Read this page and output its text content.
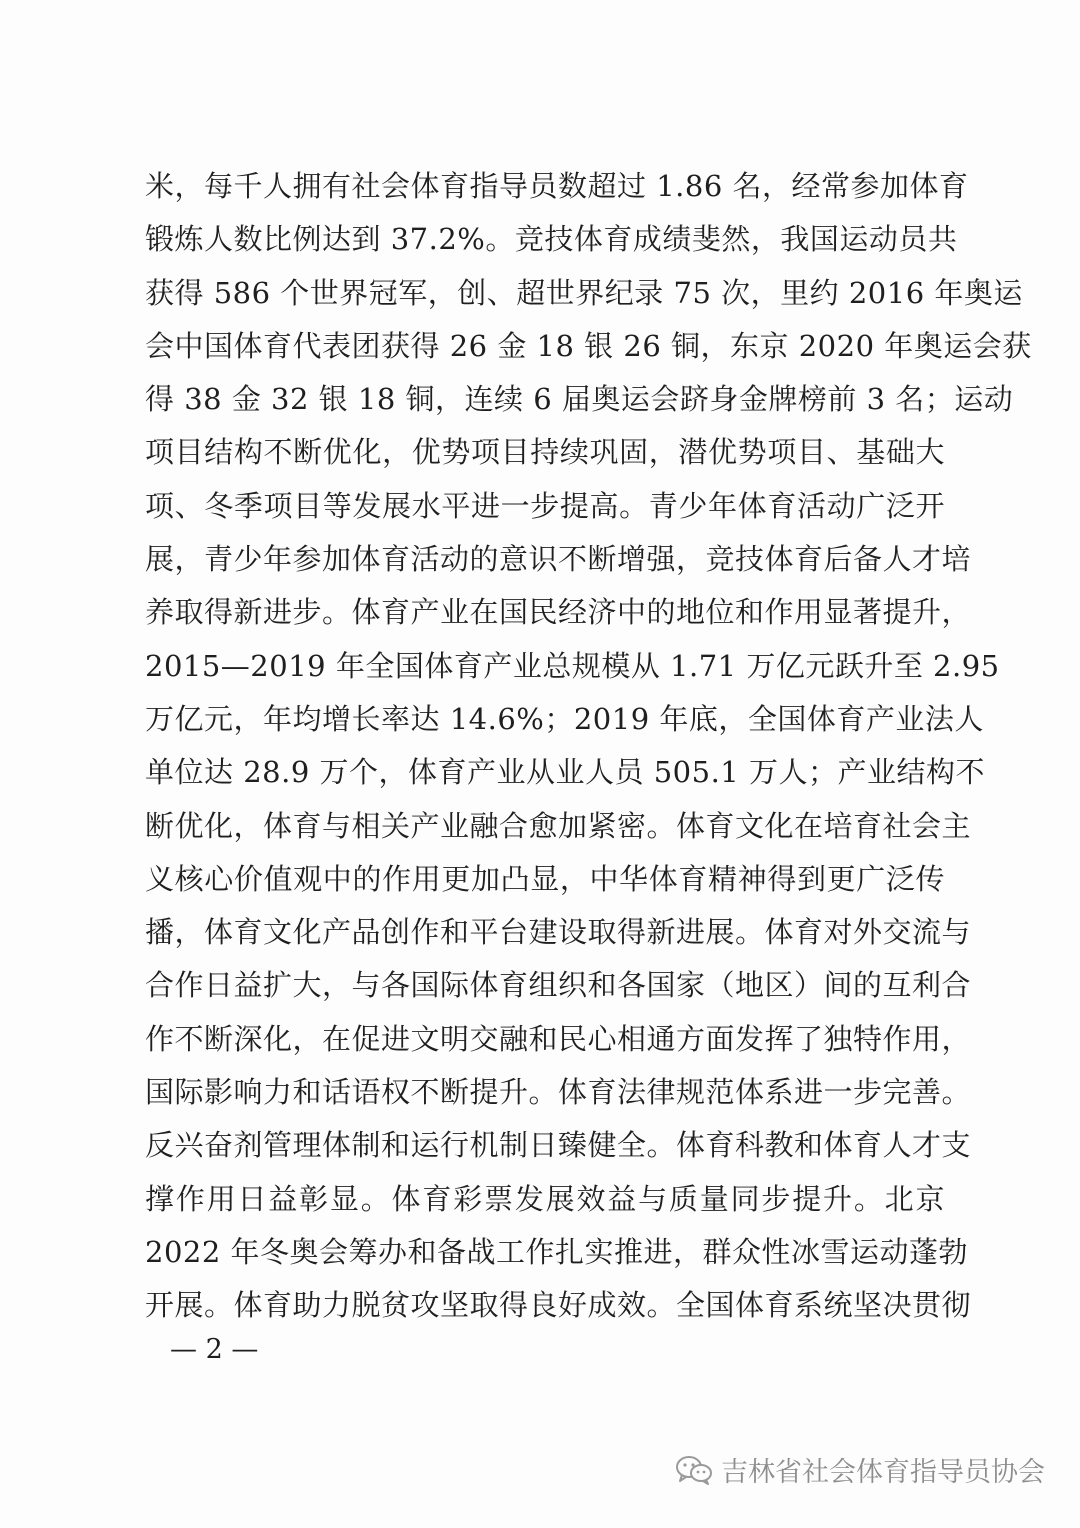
米，每千人拥有社会体育指导员数超过 1.86 名，经常参加体育
锻炼人数比例达到 37.2%。竞技体育成绩斐然，我国运动员共
获得 586 个世界冠军，创、超世界纪录 75 次，里约 2016 年奥运
会中国体育代表团获得 26 金 18 银 26 铜，东京 2020 年奥运会获
得 38 金 32 银 18 铜，连续 6 届奥运会跻身金牌榜前 3 名；运动
项目结构不断优化，优势项目持续巩固，潜优势项目、基础大
项、冬季项目等发展水平进一步提高。青少年体育活动广泛开
展，青少年参加体育活动的意识不断增强，竞技体育后备人才培
养取得新进步。体育产业在国民经济中的地位和作用显著提升，
2015—2019 年全国体育产业总规模从 1.71 万亿元跃升至 2.95
万亿元，年均增长率达 14.6%；2019 年底，全国体育产业法人
单位达 28.9 万个，体育产业从业人员 505.1 万人；产业结构不
断优化，体育与相关产业融合愈加紧密。体育文化在培育社会主
义核心价值观中的作用更加凸显，中华体育精神得到更广泛传
播，体育文化产品创作和平台建设取得新进展。体育对外交流与
合作日益扩大，与各国际体育组织和各国家（地区）间的互利合
作不断深化，在促进文明交融和民心相通方面发挥了独特作用，
国际影响力和话语权不断提升。体育法律规范体系进一步完善。
反兴奋剂管理体制和运行机制日臻健全。体育科教和体育人才支
撑作用日益彰显。体育彩票发展效益与质量同步提升。北京
2022 年冬奥会筹办和备战工作扎实推进，群众性冰雪运动蓬勃
开展。体育助力脱贫攻坚取得良好成效。全国体育系统坚决贯彻
— 2 —
吉林省社会体育指导员协会
